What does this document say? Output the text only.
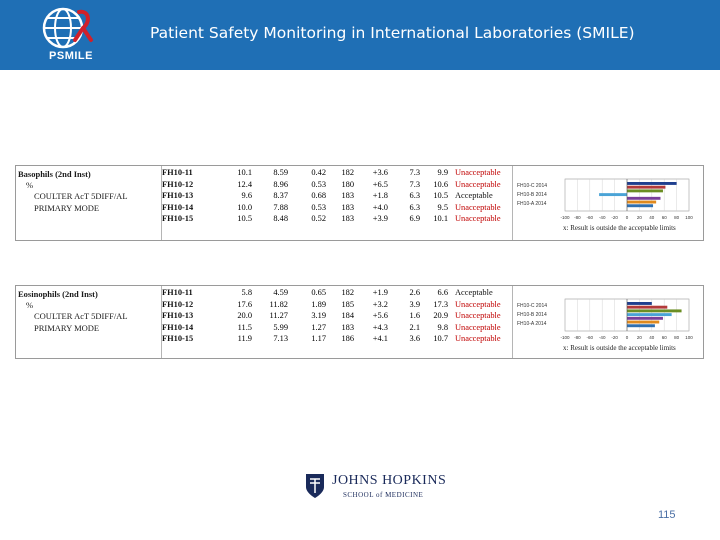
PSMILE
Patient Safety Monitoring in International Laboratories (SMILE)
Basophils (2nd Inst)
%
COULTER AcT 5DIFF/AL
PRIMARY MODE
FH10-11	10.1	8.59	0.42	182	+3.6	7.3	9.9 Unacceptable
FH10-12	12.4	8.96	0.53	180	+6.5	7.3	10.6 Unacceptable
FH10-13	9.6	8.37	0.68	183	+1.8	6.3	10.5 Acceptable
FH10-14	10.0	7.88	0.53	183	+4.0	6.3	9.5 Unacceptable
FH10-15	10.5	8.48	0.52	183	+3.9	6.9	10.1 Unacceptable	-100 -80 -60 -40 -20 0 20 40 60 80 100
FH10-C 2014
FH10-B 2014
FH10-A 2014
x: Result is outside the acceptable limits
Eosinophils (2nd Inst)
%
COULTER AcT 5DIFF/AL
PRIMARY MODE
FH10-11	5.8	4.59	0.65	182	+1.9	2.6	6.6 Acceptable
FH10-12	17.6	11.82	1.89	185	+3.2	3.9	17.3 Unacceptable
FH10-13	20.0	11.27	3.19	184	+5.6	1.6	20.9 Unacceptable
FH10-14	11.5	5.99	1.27	183	+4.3	2.1	9.8 Unacceptable
FH10-15	11.9	7.13	1.17	186	+4.1	3.6	10.7 Unacceptable	-100 -80 -60 -40 -20 0 20 40 60 80 100
FH10-C 2014
FH10-B 2014
FH10-A 2014
x: Result is outside the acceptable limits
JOHNS HOPKINS
SCHOOL of MEDICINE
115
